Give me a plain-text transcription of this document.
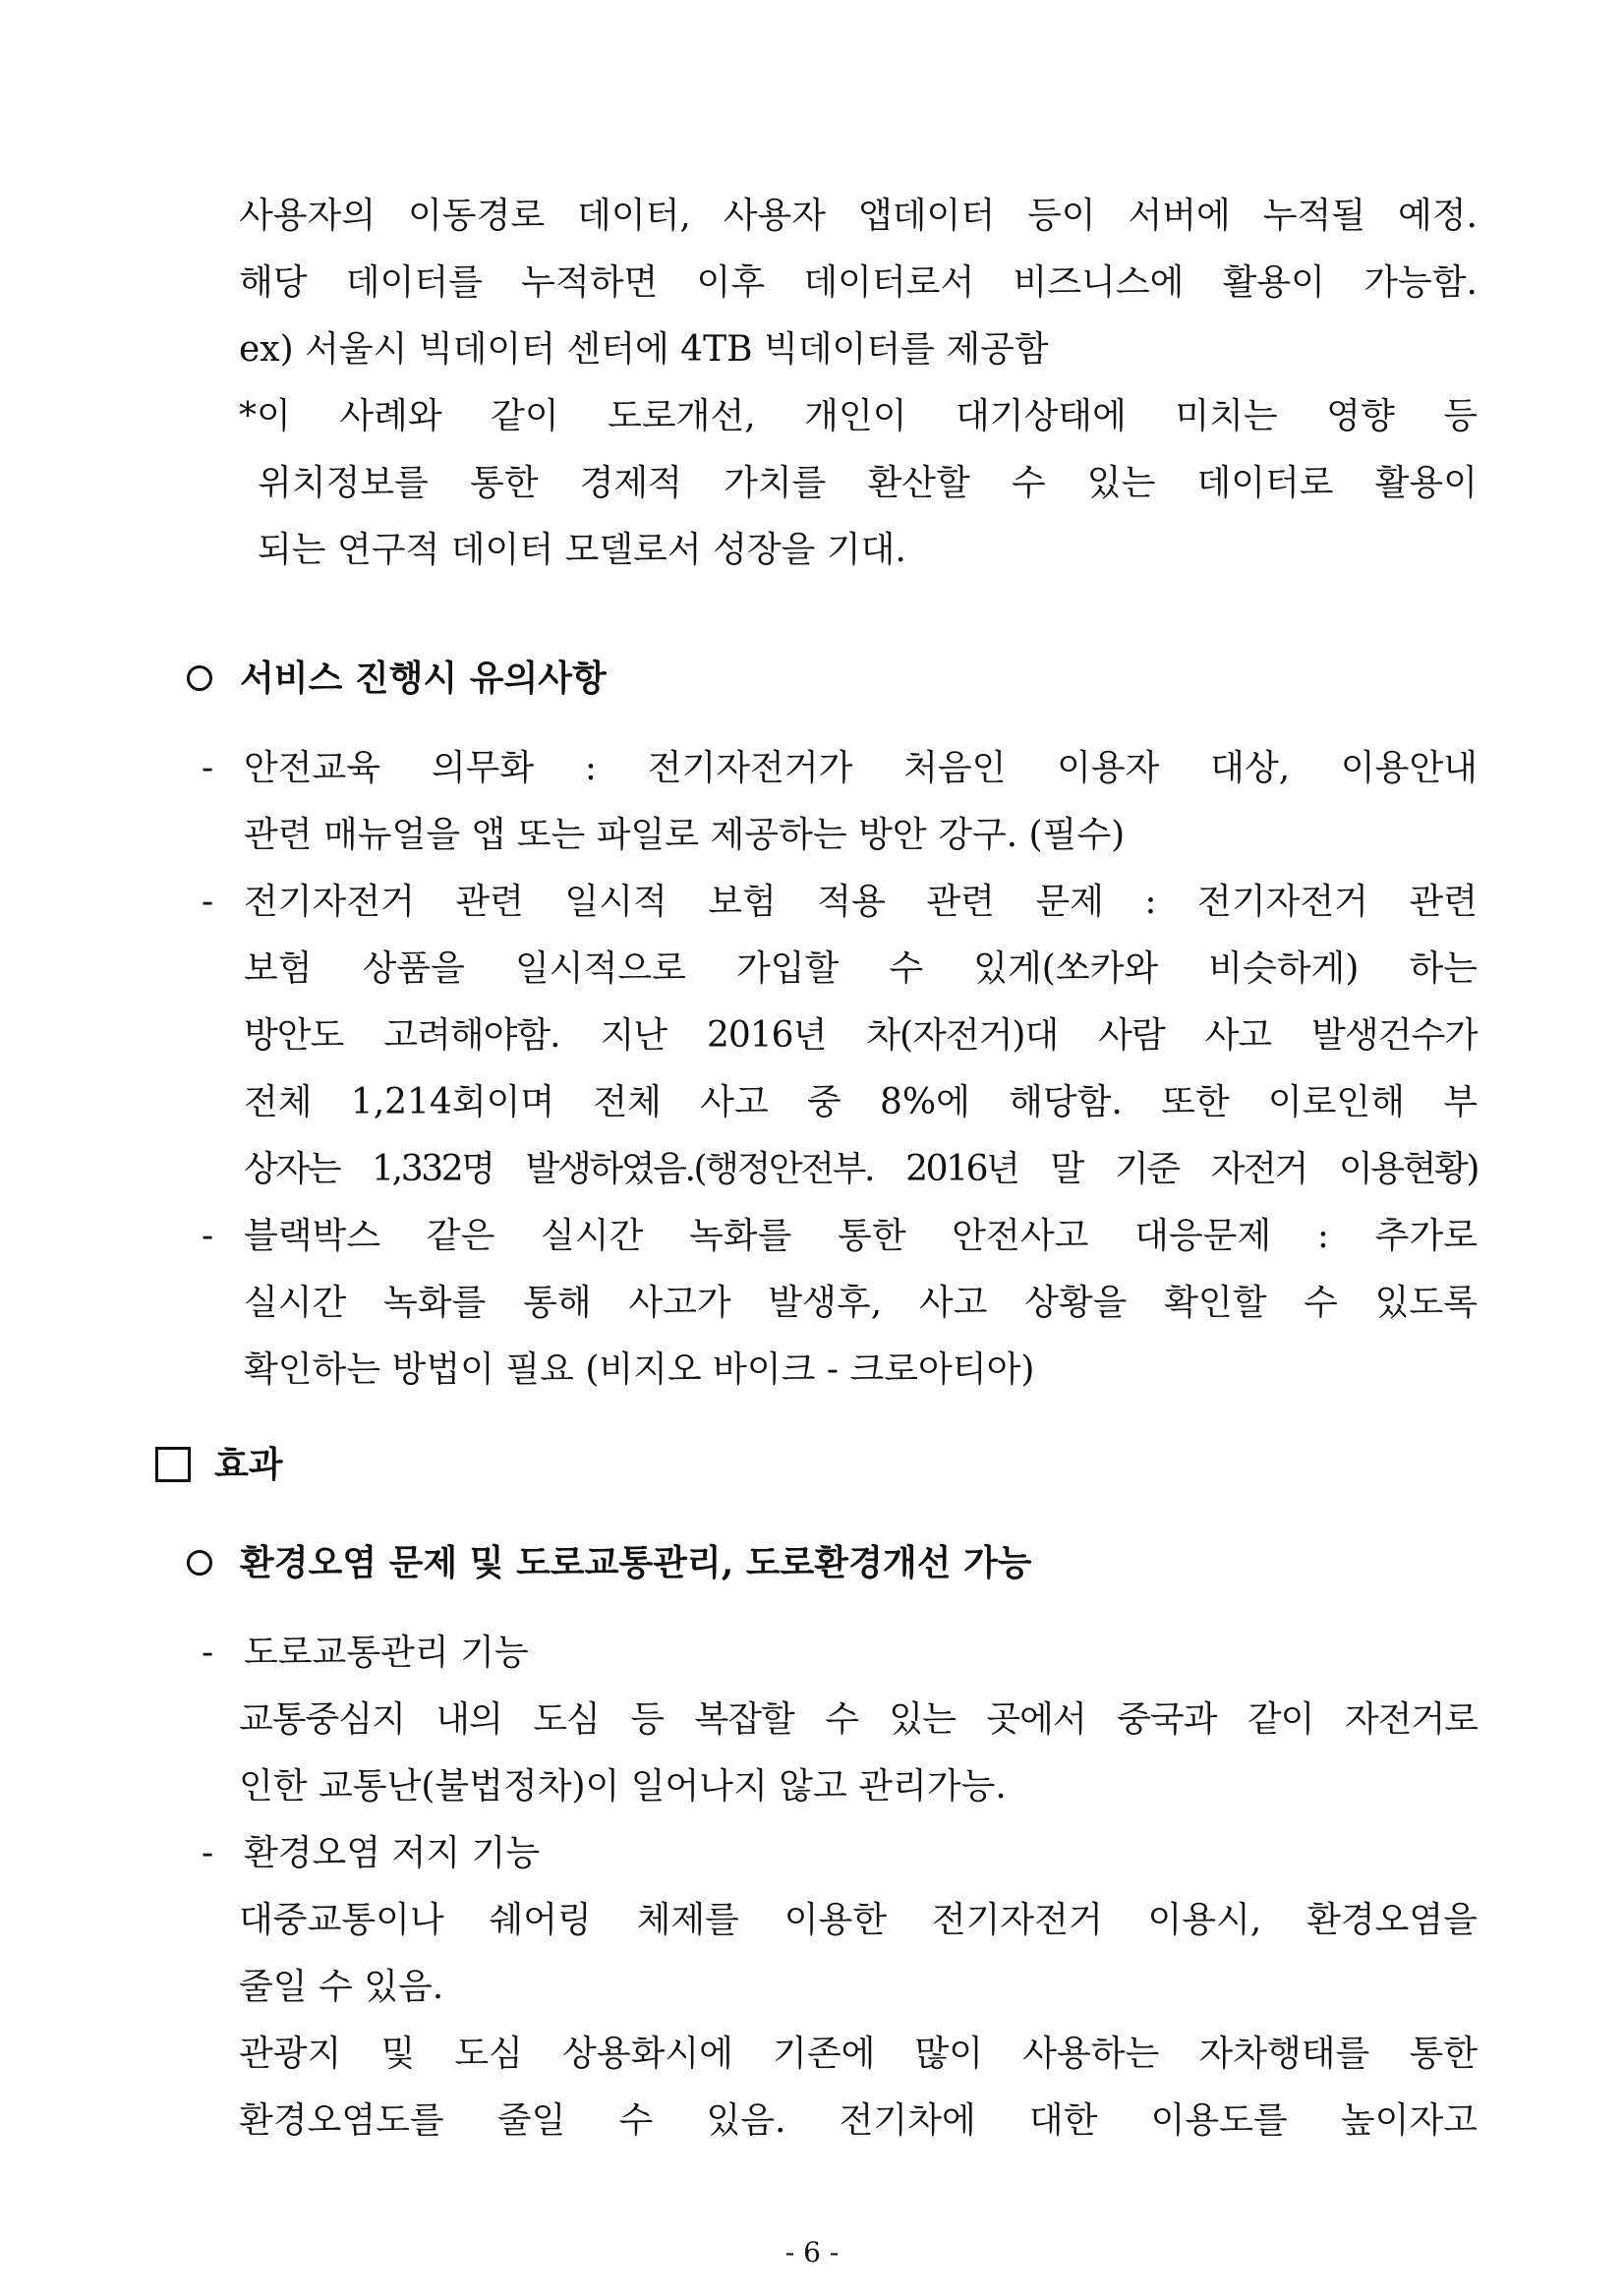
사용자의 이동경로 데이터, 사용자 앱데이터 등이 서버에 누적될 예정.
해당 데이터를 누적하면 이후 데이터로서 비즈니스에 활용이 가능함.
ex) 서울시 빅데이터 센터에 4TB 빅데이터를 제공함
*이 사례와 같이 도로개선, 개인이 대기상태에 미치는 영향 등
위치정보를 통한 경제적 가치를 환산할 수 있는 데이터로 활용이
되는 연구적 데이터 모델로서 성장을 기대.
서비스 진행시 유의사항
- 안전교육 의무화 : 전기자전거가 처음인 이용자 대상, 이용안내
관련 매뉴얼을 앱 또는 파일로 제공하는 방안 강구. (필수)
- 전기자전거 관련 일시적 보험 적용 관련 문제 : 전기자전거 관련
보험 상품을 일시적으로 가입할 수 있게(쏘카와 비슷하게) 하는
방안도 고려해야함. 지난 2016년 차(자전거)대 사람 사고 발생건수가
전체 1,214회이며 전체 사고 중 8%에 해당함. 또한 이로인해 부
상자는 1,332명 발생하였음.(행정안전부. 2016년 말 기준 자전거 이용현황)
- 블랙박스 같은 실시간 녹화를 통한 안전사고 대응문제 : 추가로
실시간 녹화를 통해 사고가 발생후, 사고 상황을 확인할 수 있도록
확인하는 방법이 필요 (비지오 바이크 - 크로아티아)
효과
환경오염 문제 및 도로교통관리, 도로환경개선 가능
- 도로교통관리 기능
교통중심지 내의 도심 등 복잡할 수 있는 곳에서 중국과 같이 자전거로
인한 교통난(불법정차)이 일어나지 않고 관리가능.
- 환경오염 저지 기능
대중교통이나 쉐어링 체제를 이용한 전기자전거 이용시, 환경오염을
줄일 수 있음.
관광지 및 도심 상용화시에 기존에 많이 사용하는 자차행태를 통한
환경오염도를 줄일 수 있음. 전기차에 대한 이용도를 높이자고
- 6 -
